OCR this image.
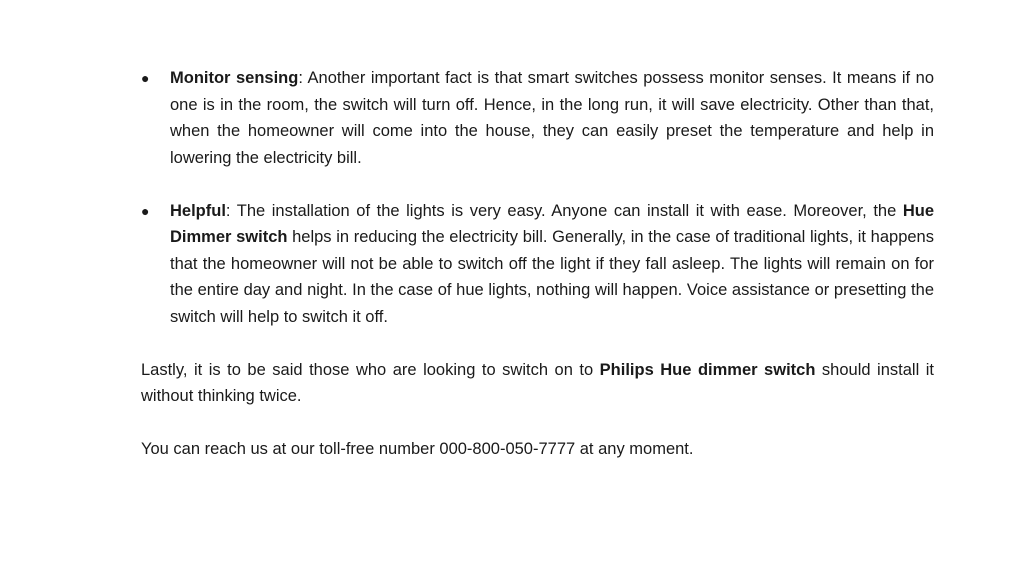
● Monitor sensing: Another important fact is that smart switches possess monitor senses. It means if no one is in the room, the switch will turn off. Hence, in the long run, it will save electricity. Other than that, when the homeowner will come into the house, they can easily preset the temperature and help in lowering the electricity bill.
● Helpful: The installation of the lights is very easy. Anyone can install it with ease. Moreover, the Hue Dimmer switch helps in reducing the electricity bill. Generally, in the case of traditional lights, it happens that the homeowner will not be able to switch off the light if they fall asleep. The lights will remain on for the entire day and night. In the case of hue lights, nothing will happen. Voice assistance or presetting the switch will help to switch it off.

Lastly, it is to be said those who are looking to switch on to Philips Hue dimmer switch should install it without thinking twice.

You can reach us at our toll-free number 000-800-050-7777 at any moment.
